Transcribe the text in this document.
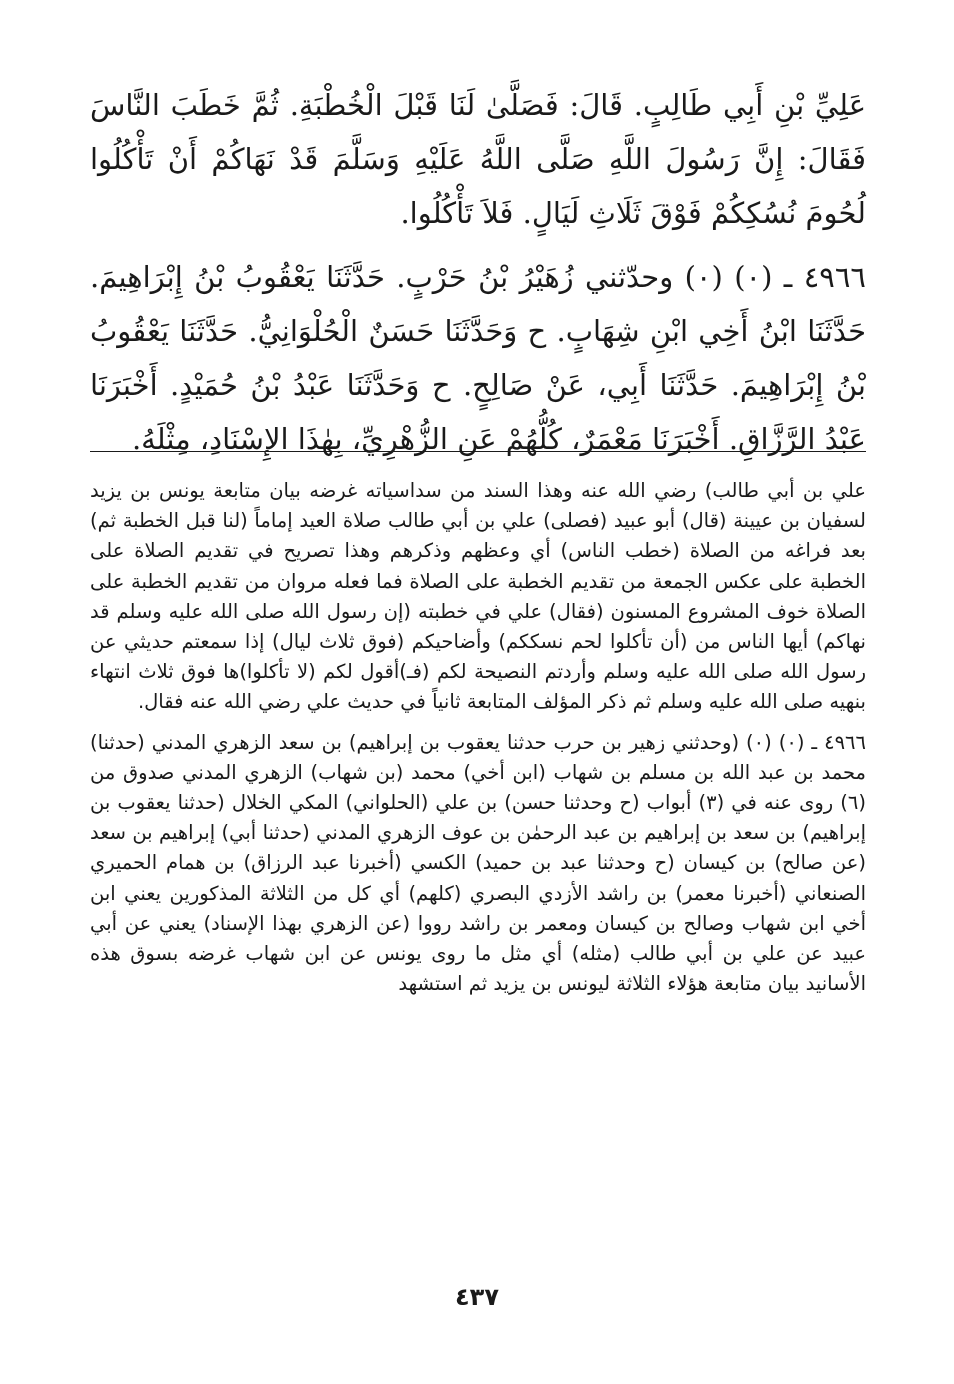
عَلِيِّ بْنِ أَبِي طَالِبٍ. قَالَ: فَصَلَّىٰ لَنَا قَبْلَ الْخُطْبَةِ. ثُمَّ خَطَبَ النَّاسَ فَقَالَ: إِنَّ رَسُولَ اللَّهِ صَلَّى اللَّهُ عَلَيْهِ وَسَلَّمَ قَدْ نَهَاكُمْ أَنْ تَأْكُلُوا لُحُومَ نُسُكِكُمْ فَوْقَ ثَلَاثِ لَيَالٍ. فَلاَ تَأْكُلُوا.

٤٩٦٦ ـ (٠) (٠) وحدّثني زُهَيْرُ بْنُ حَرْبٍ. حَدَّثَنَا يَعْقُوبُ بْنُ إِبْرَاهِيمَ. حَدَّثَنَا ابْنُ أَخِي ابْنِ شِهَابٍ. ح وَحَدَّثَنَا حَسَنٌ الْحُلْوَانِيُّ. حَدَّثَنَا يَعْقُوبُ بْنُ إِبْرَاهِيمَ. حَدَّثَنَا أَبِي، عَنْ صَالِحٍ. ح وَحَدَّثَنَا عَبْدُ بْنُ حُمَيْدٍ. أَخْبَرَنَا عَبْدُ الرَّزَّاقِ. أَخْبَرَنَا مَعْمَرٌ، كُلُّهُمْ عَنِ الزُّهْرِيِّ، بِهٰذَا الإِسْنَادِ، مِثْلَهُ.

علي بن أبي طالب) رضي الله عنه وهذا السند من سداسياته غرضه بيان متابعة يونس بن يزيد لسفيان بن عيينة (قال) أبو عبيد (فصلى) علي بن أبي طالب صلاة العيد إماماً (لنا قبل الخطبة ثم) بعد فراغه من الصلاة (خطب الناس) أي وعظهم وذكرهم وهذا تصريح في تقديم الصلاة على الخطبة على عكس الجمعة من تقديم الخطبة على الصلاة فما فعله مروان من تقديم الخطبة على الصلاة خوف المشروع المسنون (فقال) علي في خطبته (إن رسول الله صلى الله عليه وسلم قد نهاكم) أيها الناس من (أن تأكلوا لحم نسككم) وأضاحيكم (فوق ثلاث ليال) إذا سمعتم حديثي عن رسول الله صلى الله عليه وسلم وأردتم النصيحة لكم (فـ)أقول لكم (لا تأكلوا)ها فوق ثلاث انتهاء بنهيه صلى الله عليه وسلم ثم ذكر المؤلف المتابعة ثانياً في حديث علي رضي الله عنه فقال.

٤٩٦٦ ـ (٠) (٠) (وحدثني زهير بن حرب حدثنا يعقوب بن إبراهيم) بن سعد الزهري المدني (حدثنا) محمد بن عبد الله بن مسلم بن شهاب (ابن أخي) محمد (بن شهاب) الزهري المدني صدوق من (٦) روى عنه في (٣) أبواب (ح وحدثنا حسن) بن علي (الحلواني) المكي الخلال (حدثنا يعقوب بن إبراهيم) بن سعد بن إبراهيم بن عبد الرحمٰن بن عوف الزهري المدني (حدثنا أبي) إبراهيم بن سعد (عن صالح) بن كيسان (ح وحدثنا عبد بن حميد) الكسي (أخبرنا عبد الرزاق) بن همام الحميري الصنعاني (أخبرنا معمر) بن راشد الأزدي البصري (كلهم) أي كل من الثلاثة المذكورين يعني ابن أخي ابن شهاب وصالح بن كيسان ومعمر بن راشد رووا (عن الزهري بهذا الإسناد) يعني عن أبي عبيد عن علي بن أبي طالب (مثله) أي مثل ما روى يونس عن ابن شهاب غرضه بسوق هذه الأسانيد بيان متابعة هؤلاء الثلاثة ليونس بن يزيد ثم استشهد

٤٣٧
